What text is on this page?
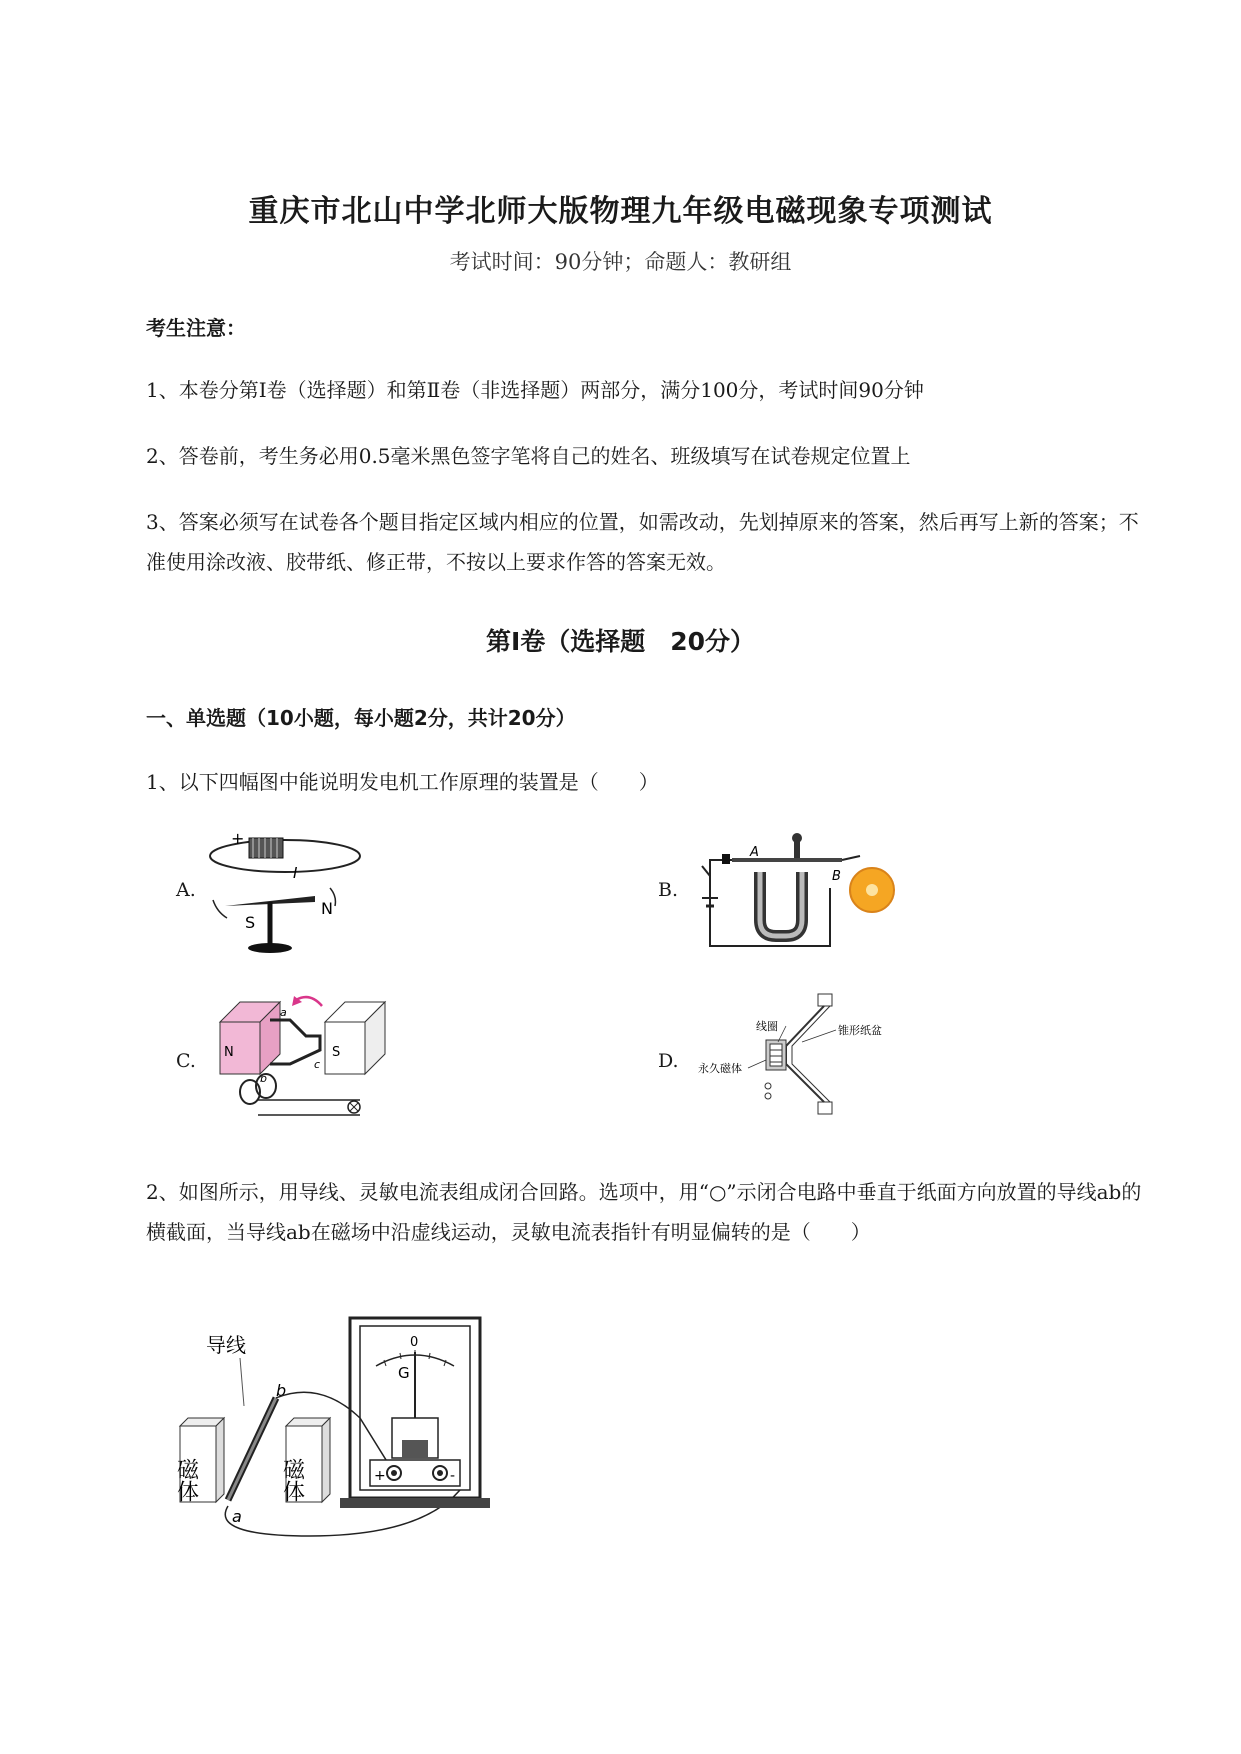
重庆市北山中学北师大版物理九年级电磁现象专项测试
考试时间：90分钟；命题人：教研组
考生注意：
1、本卷分第Ⅰ卷（选择题）和第Ⅱ卷（非选择题）两部分，满分100分，考试时间90分钟
2、答卷前，考生务必用0.5毫米黑色签字笔将自己的姓名、班级填写在试卷规定位置上
3、答案必须写在试卷各个题目指定区域内相应的位置，如需改动，先划掉原来的答案，然后再写上新的答案；不准使用涂改液、胶带纸、修正带，不按以上要求作答的答案无效。
第Ⅰ卷（选择题　20分）
一、单选题（10小题，每小题2分，共计20分）
1、以下四幅图中能说明发电机工作原理的装置是（　　）
A.
+
I
S
N
B.
A
B
C. N	S
a
b
c	D.
线圈	锥形纸盆
永久磁体
2、如图所示，用导线、灵敏电流表组成闭合回路。选项中，用“○”示闭合电路中垂直于纸面方向放置的导线ab的横截面，当导线ab在磁场中沿虚线运动，灵敏电流表指针有明显偏转的是（　　）
导线
磁体
a
b
磁体
0
G
+	-
